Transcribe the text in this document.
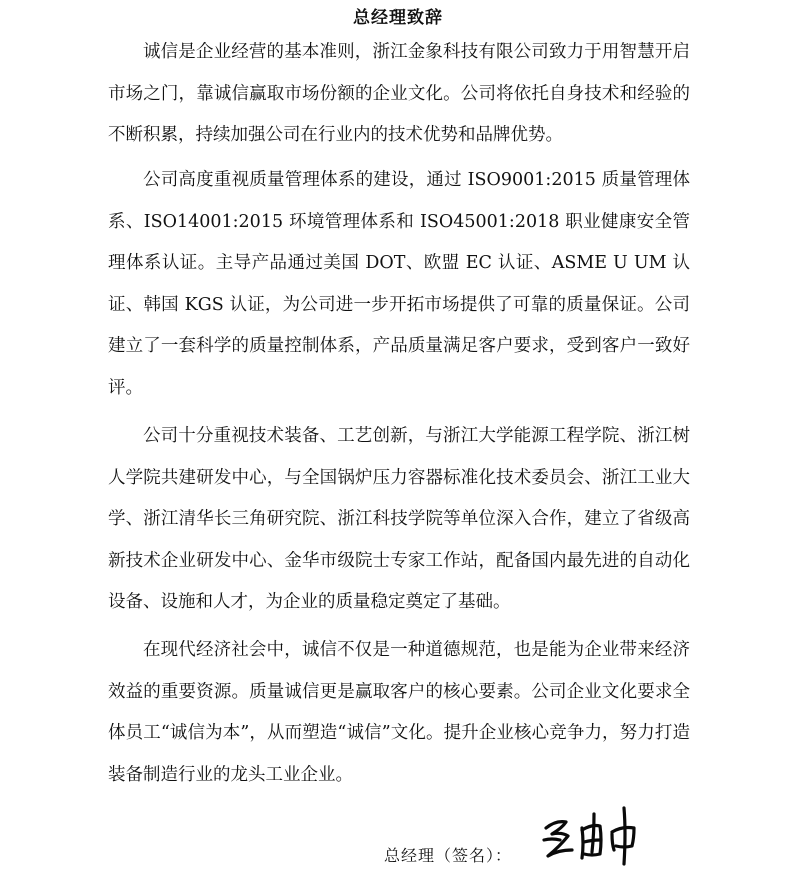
总经理致辞

诚信是企业经营的基本准则，浙江金象科技有限公司致力于用智慧开启市场之门，靠诚信赢取市场份额的企业文化。公司将依托自身技术和经验的不断积累，持续加强公司在行业内的技术优势和品牌优势。

公司高度重视质量管理体系的建设，通过 ISO9001:2015 质量管理体系、ISO14001:2015 环境管理体系和 ISO45001:2018 职业健康安全管理体系认证。主导产品通过美国 DOT、欧盟 EC 认证、ASME U UM 认证、韩国 KGS 认证，为公司进一步开拓市场提供了可靠的质量保证。公司建立了一套科学的质量控制体系，产品质量满足客户要求，受到客户一致好评。

公司十分重视技术装备、工艺创新，与浙江大学能源工程学院、浙江树人学院共建研发中心，与全国锅炉压力容器标准化技术委员会、浙江工业大学、浙江清华长三角研究院、浙江科技学院等单位深入合作，建立了省级高新技术企业研发中心、金华市级院士专家工作站，配备国内最先进的自动化设备、设施和人才，为企业的质量稳定奠定了基础。

在现代经济社会中，诚信不仅是一种道德规范，也是能为企业带来经济效益的重要资源。质量诚信更是赢取客户的核心要素。公司企业文化要求全体员工“诚信为本”，从而塑造“诚信”文化。提升企业核心竞争力，努力打造装备制造行业的龙头工业企业。

总经理（签名）：
